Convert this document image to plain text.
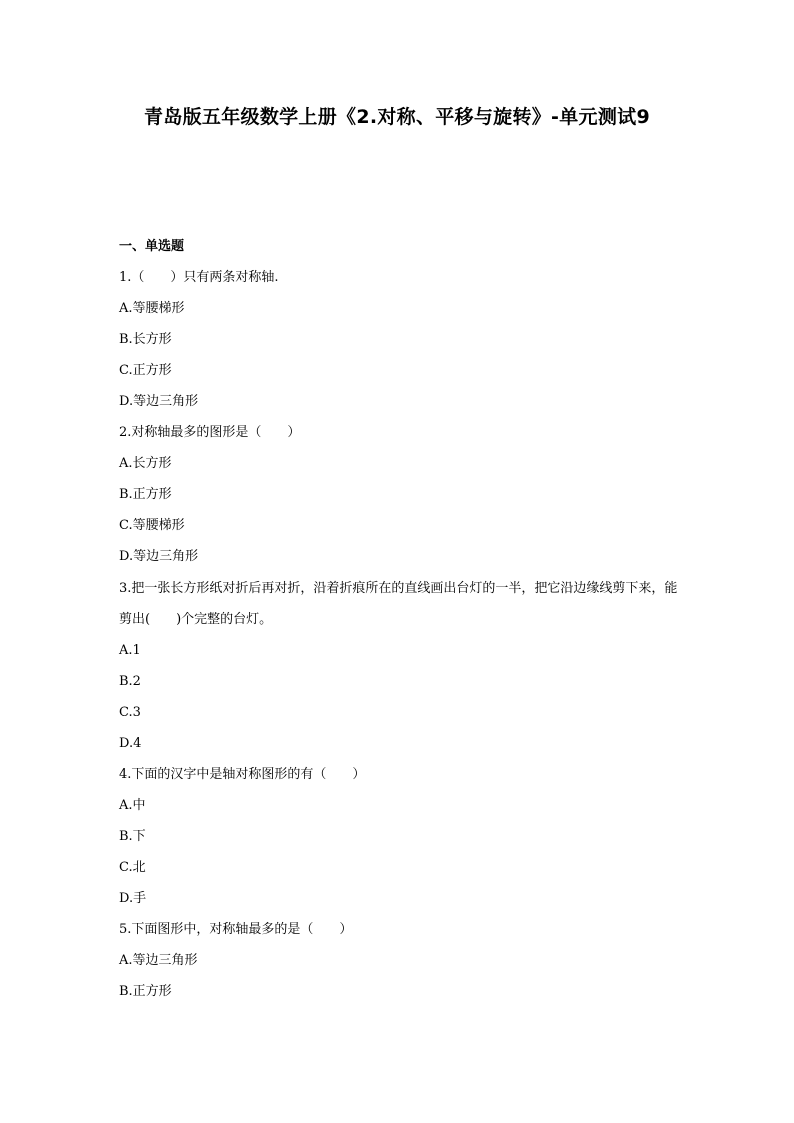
青岛版五年级数学上册《2.对称、平移与旋转》-单元测试9
一、单选题
1.（　　）只有两条对称轴.
A.等腰梯形
B.长方形
C.正方形
D.等边三角形
2.对称轴最多的图形是（　　）
A.长方形
B.正方形
C.等腰梯形
D.等边三角形
3.把一张长方形纸对折后再对折，沿着折痕所在的直线画出台灯的一半，把它沿边缘线剪下来，能剪出(　　)个完整的台灯。
A.1
B.2
C.3
D.4
4.下面的汉字中是轴对称图形的有（　　）
A.中
B.下
C.北
D.手
5.下面图形中，对称轴最多的是（　　）
A.等边三角形
B.正方形
